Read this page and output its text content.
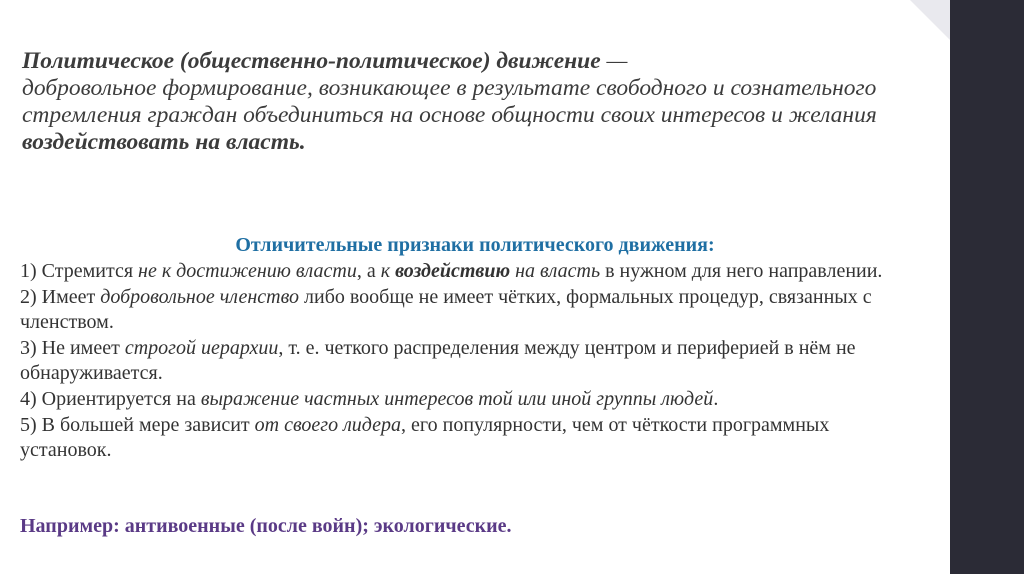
Политическое (общественно-политическое) движение —
добровольное формирование, возникающее в результате свободного и сознательного стремления граждан объединиться на основе общности своих интересов и желания воздействовать на власть.

Отличительные признаки политического движения:

1) Стремится не к достижению власти, а к воздействию на власть в нужном для него направлении.

2) Имеет добровольное членство либо вообще не имеет чётких, формальных процедур, связанных с членством.

3) Не имеет строгой иерархии, т. е. четкого распределения между центром и периферией в нём не обнаруживается.

4) Ориентируется на выражение частных интересов той или иной группы людей.

5) В большей мере зависит от своего лидера, его популярности, чем от чёткости программных установок.

Например: антивоенные (после войн); экологические.
